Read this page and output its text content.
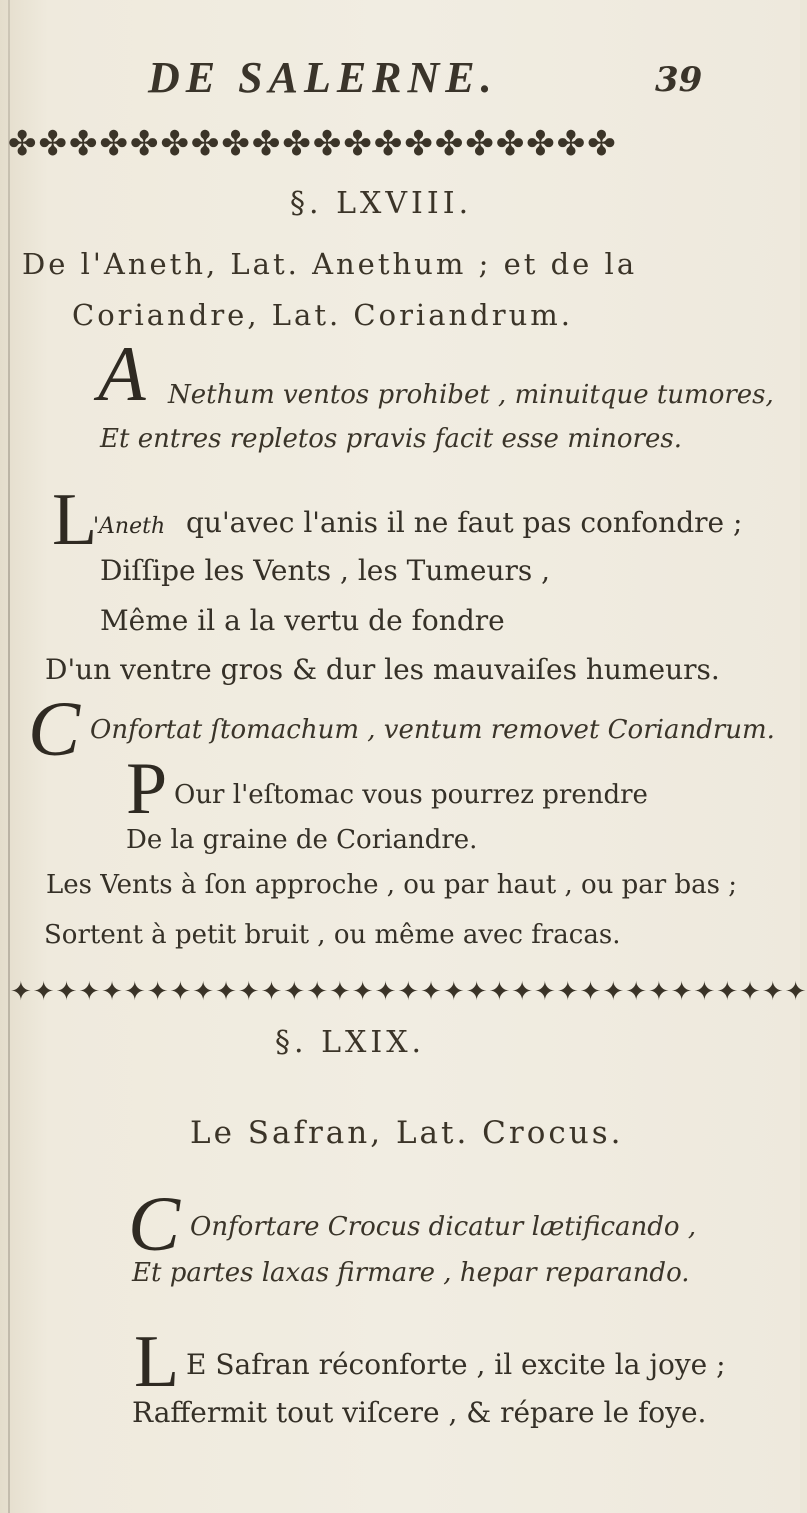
DE SALERNE.	39
✤✤✤✤✤✤✤✤✤✤✤✤✤✤✤✤✤✤✤✤
§. LXVIII.
De l'Aneth, Lat. Anethum ; et de la
Coriandre, Lat. Coriandrum.
A Nethum ventos prohibet , minuitque tumores,
Et entres repletos pravis facit esse minores.
L
'Aneth qu'avec l'anis il ne faut pas confondre ;
Diſſipe les Vents , les Tumeurs ,
Même il a la vertu de fondre
D'un ventre gros & dur les mauvaiſes humeurs.
C Onfortat ſtomachum , ventum removet Coriandrum.
P Our l'eſtomac vous pourrez prendre
De la graine de Coriandre.
Les Vents à ſon approche , ou par haut , ou par bas ;
Sortent à petit bruit , ou même avec fracas.
✦✦✦✦✦✦✦✦✦✦✦✦✦✦✦✦✦✦✦✦✦✦✦✦✦✦✦✦✦✦✦✦✦✦✦
§. LXIX.
Le Safran, Lat. Crocus.
C Onfortare Crocus dicatur lætificando ,
Et partes laxas firmare , hepar reparando.
L E Safran réconforte , il excite la joye ;
Raffermit tout viſcere , & répare le foye.
